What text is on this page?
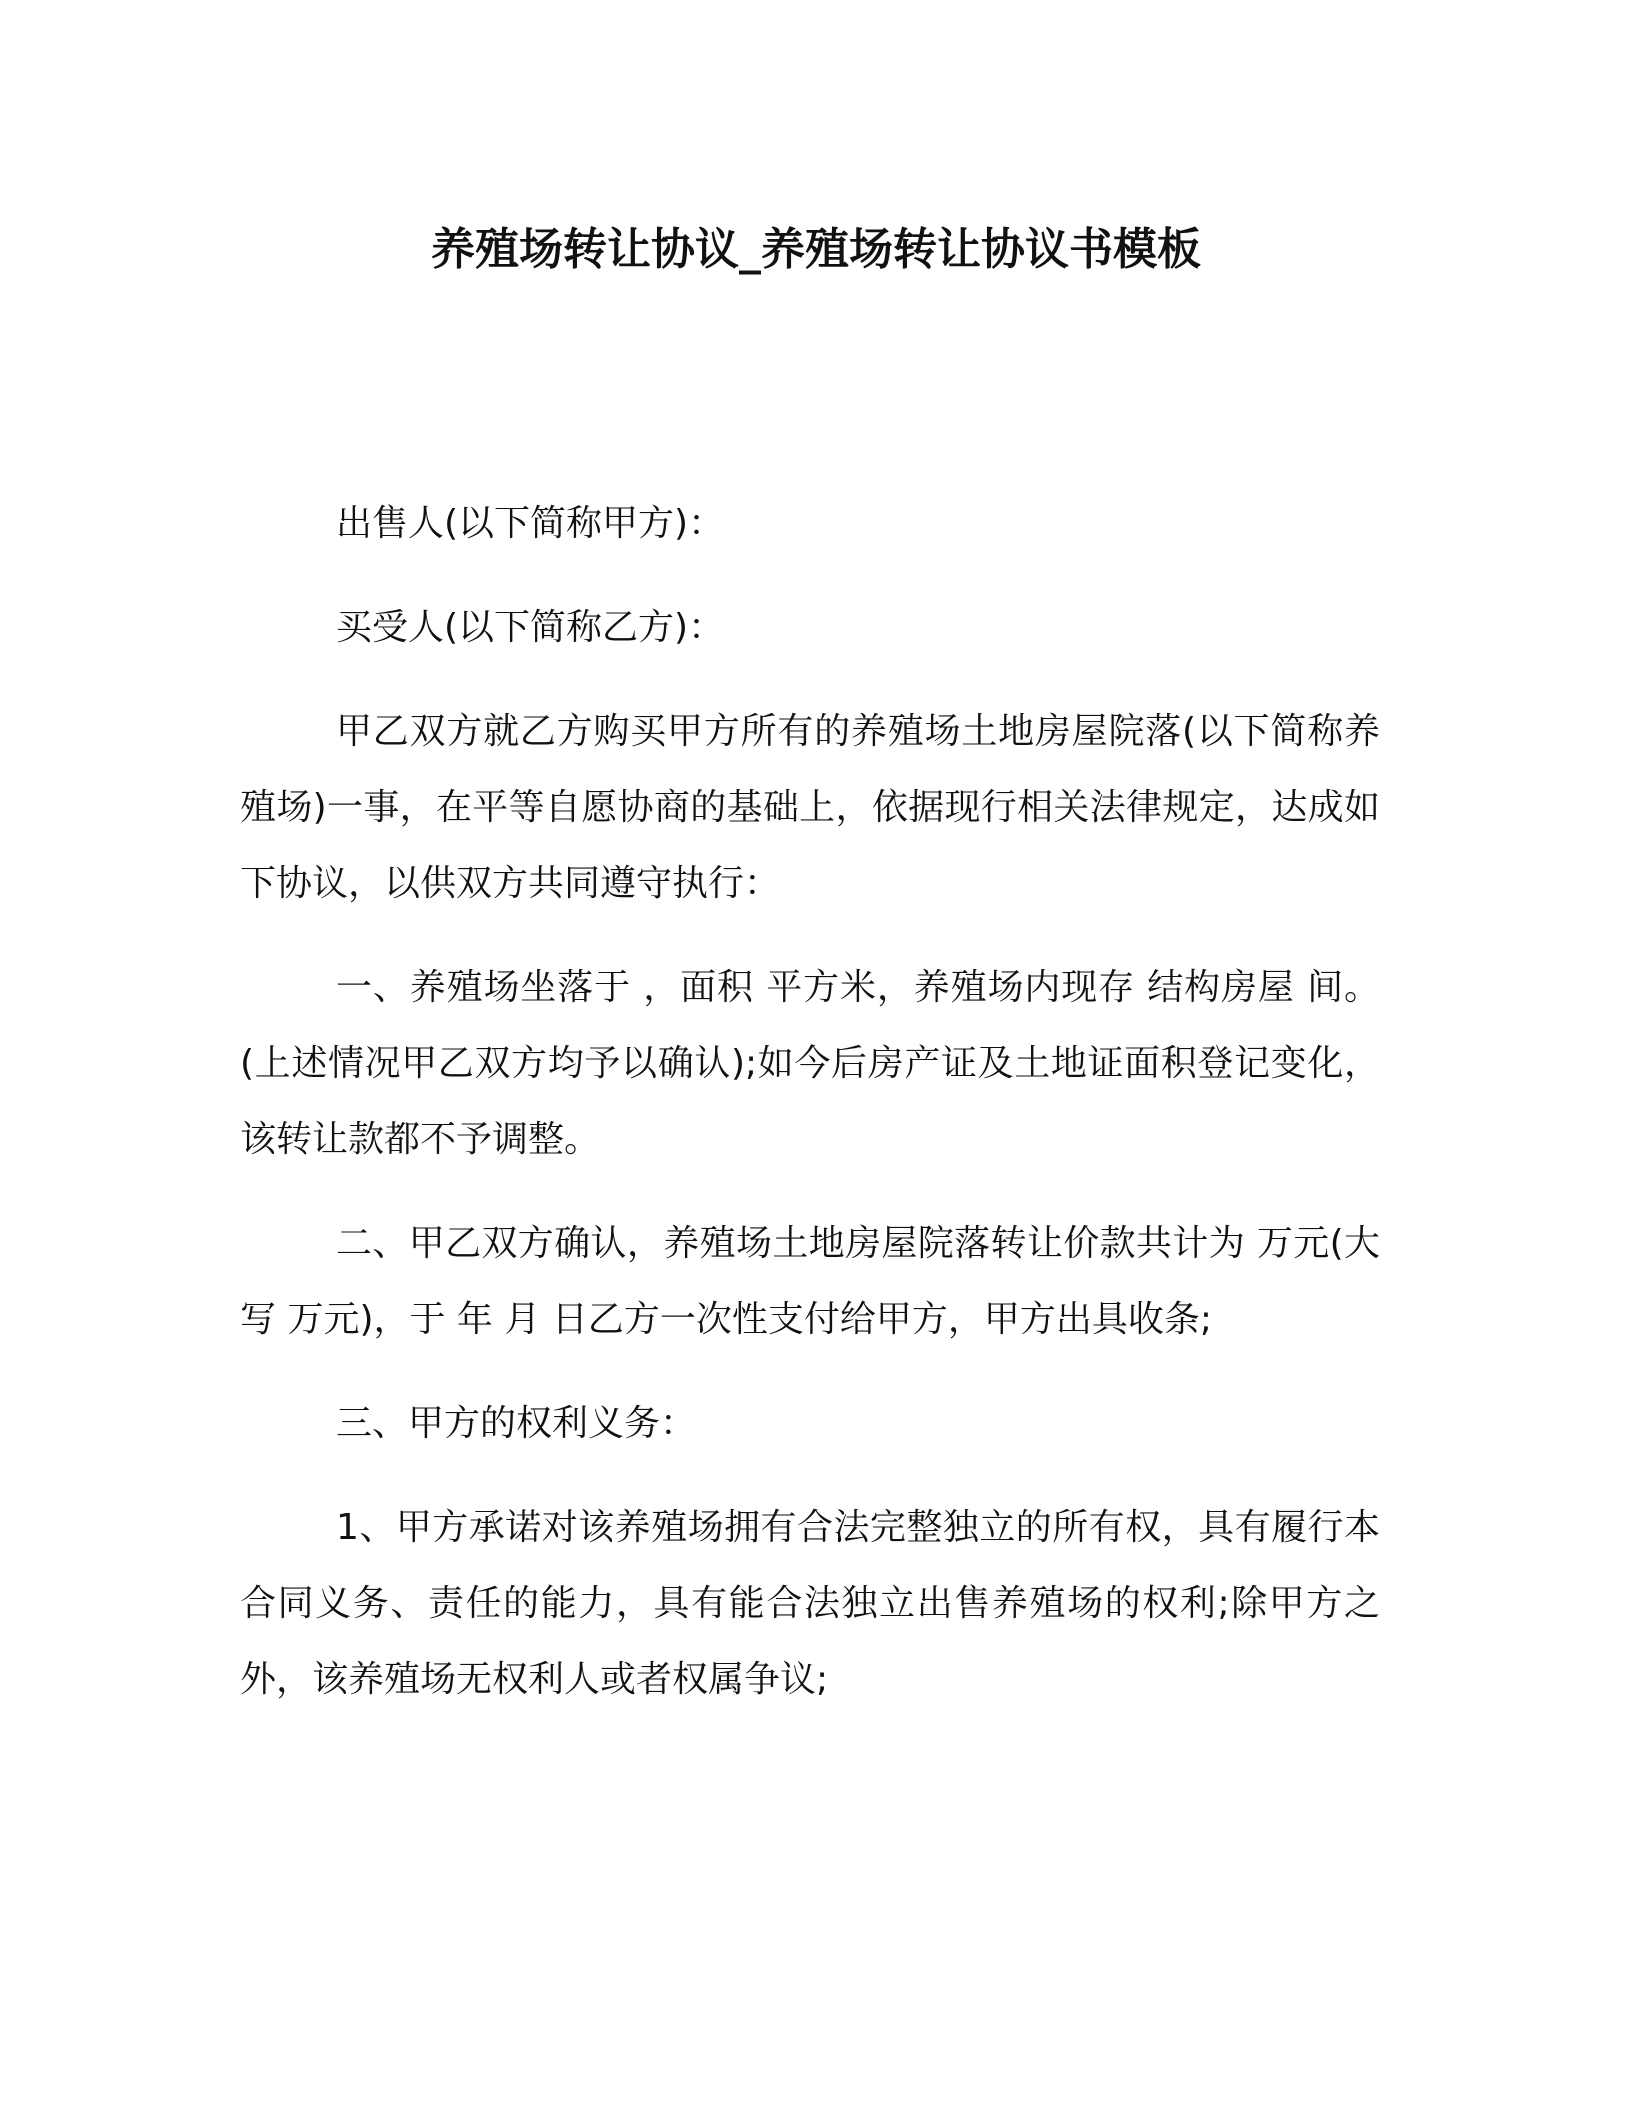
养殖场转让协议_养殖场转让协议书模板

出售人(以下简称甲方)：

买受人(以下简称乙方)：

甲乙双方就乙方购买甲方所有的养殖场土地房屋院落(以下简称养殖场)一事，在平等自愿协商的基础上，依据现行相关法律规定，达成如下协议，以供双方共同遵守执行：

一、养殖场坐落于 ，面积 平方米，养殖场内现存 结构房屋 间。(上述情况甲乙双方均予以确认);如今后房产证及土地证面积登记变化，该转让款都不予调整。

二、甲乙双方确认，养殖场土地房屋院落转让价款共计为 万元(大写 万元)，于 年 月 日乙方一次性支付给甲方，甲方出具收条;

三、甲方的权利义务：

1、甲方承诺对该养殖场拥有合法完整独立的所有权，具有履行本合同义务、责任的能力，具有能合法独立出售养殖场的权利;除甲方之外，该养殖场无权利人或者权属争议;
